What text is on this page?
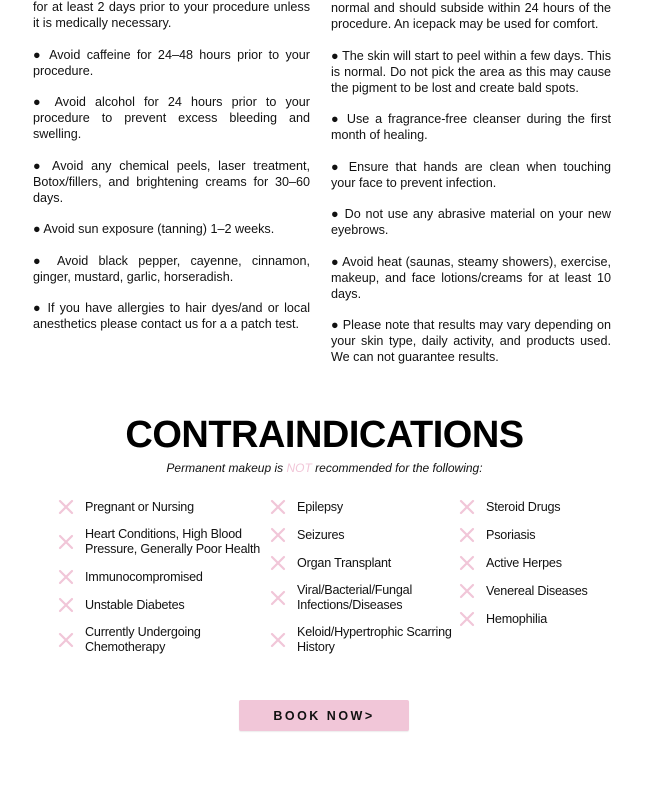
for at least 2 days prior to your procedure unless it is medically necessary.

● Avoid caffeine for 24–48 hours prior to your procedure.

● Avoid alcohol for 24 hours prior to your procedure to prevent excess bleeding and swelling.

● Avoid any chemical peels, laser treatment, Botox/fillers, and brightening creams for 30–60 days.

● Avoid sun exposure (tanning) 1–2 weeks.

● Avoid black pepper, cayenne, cinnamon, ginger, mustard, garlic, horseradish.

● If you have allergies to hair dyes/and or local anesthetics please contact us for a a patch test.

normal and should subside within 24 hours of the procedure. An icepack may be used for comfort.

● The skin will start to peel within a few days. This is normal. Do not pick the area as this may cause the pigment to be lost and create bald spots.

● Use a fragrance-free cleanser during the first month of healing.

● Ensure that hands are clean when touching your face to prevent infection.

● Do not use any abrasive material on your new eyebrows.

● Avoid heat (saunas, steamy showers), exercise, makeup, and face lotions/creams for at least 10 days.

● Please note that results may vary depending on your skin type, daily activity, and products used. We can not guarantee results.

CONTRAINDICATIONS
Permanent makeup is NOT recommended for the following:
Pregnant or Nursing
Heart Conditions, High Blood Pressure, Generally Poor Health
Immunocompromised
Unstable Diabetes
Currently Undergoing Chemotherapy
Epilepsy
Seizures
Organ Transplant
Viral/Bacterial/Fungal Infections/Diseases
Keloid/Hypertrophic Scarring History
Steroid Drugs
Psoriasis
Active Herpes
Venereal Diseases
Hemophilia
BOOK NOW>
